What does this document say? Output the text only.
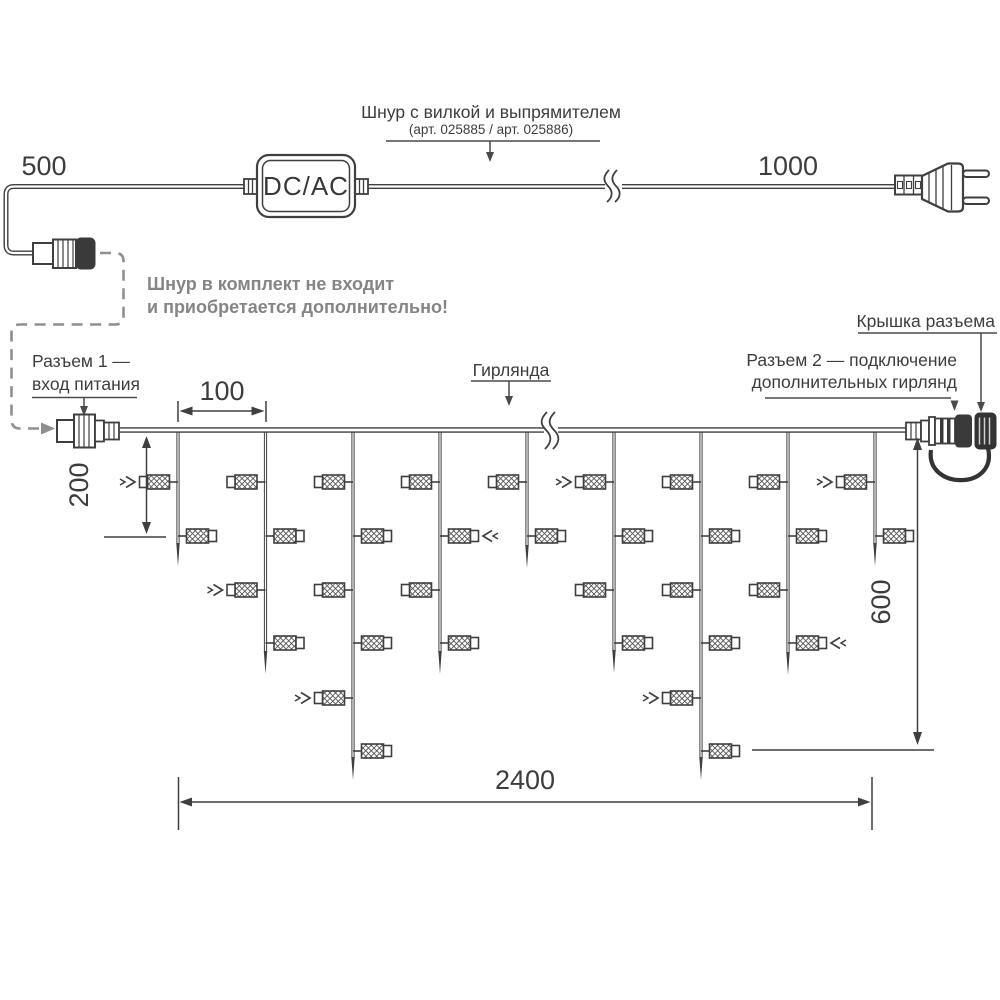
DC/AC
Шнур с вилкой и выпрямителем
(арт. 025885 / арт. 025886)
Шнур в комплект не входит
и приобретается дополнительно!
500	1000
Разъем 1 —
вход питания
Гирлянда	Разъем 2 — подключение
дополнительных гирлянд
Крышка разъема
100
200
600
2400
